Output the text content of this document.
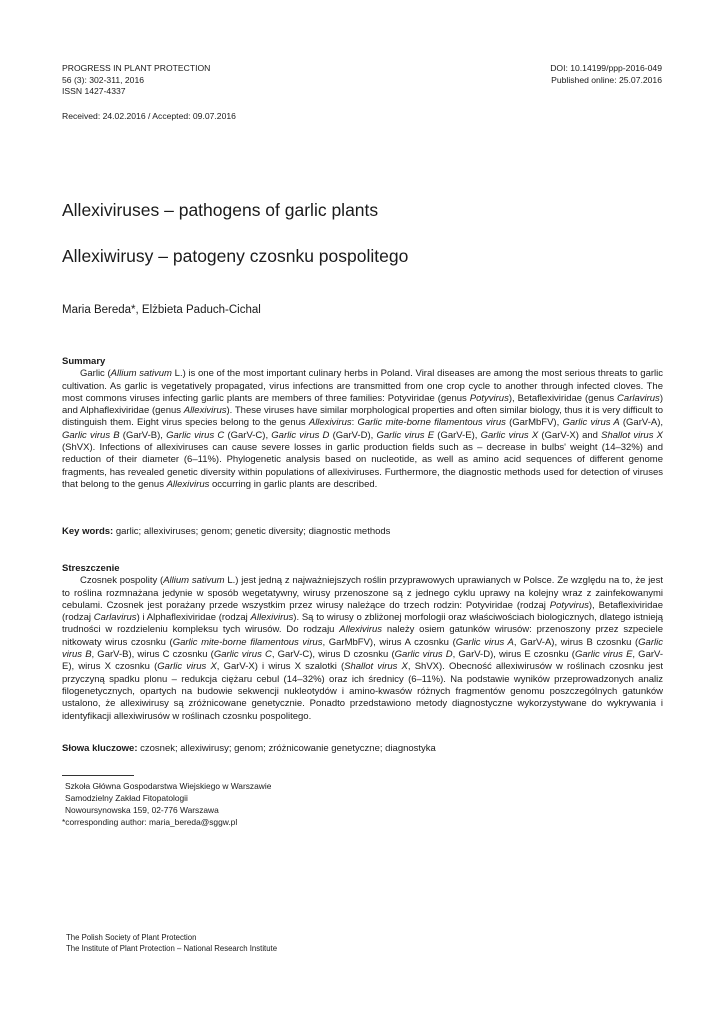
PROGRESS IN PLANT PROTECTION
56 (3): 302-311, 2016
ISSN 1427-4337
DOI: 10.14199/ppp-2016-049
Published online: 25.07.2016
Received: 24.02.2016 / Accepted: 09.07.2016
Allexiviruses – pathogens of garlic plants
Allexiwirusy – patogeny czosnku pospolitego
Maria Bereda*, Elżbieta Paduch-Cichal
Summary

Garlic (Allium sativum L.) is one of the most important culinary herbs in Poland. Viral diseases are among the most serious threats to garlic cultivation. As garlic is vegetatively propagated, virus infections are transmitted from one crop cycle to another through infected cloves. The most commons viruses infecting garlic plants are members of three families: Potyviridae (genus Potyvirus), Betaflexiviridae (genus Carlavirus) and Alphaflexiviridae (genus Allexivirus). These viruses have similar morphological properties and often similar biology, thus it is very difficult to distinguish them. Eight virus species belong to the genus Allexivirus: Garlic mite-borne filamentous virus (GarMbFV), Garlic virus A (GarV-A), Garlic virus B (GarV-B), Garlic virus C (GarV-C), Garlic virus D (GarV-D), Garlic virus E (GarV-E), Garlic virus X (GarV-X) and Shallot virus X (ShVX). Infections of allexiviruses can cause severe losses in garlic production fields such as – decrease in bulbs' weight (14–32%) and reduction of their diameter (6–11%). Phylogenetic analysis based on nucleotide, as well as amino acid sequences of different genome fragments, has revealed genetic diversity within populations of allexiviruses. Furthermore, the diagnostic methods used for detection of viruses that belong to the genus Allexivirus occurring in garlic plants are described.

Key words: garlic; allexiviruses; genom; genetic diversity; diagnostic methods
Streszczenie

Czosnek pospolity (Allium sativum L.) jest jedną z najważniejszych roślin przyprawowych uprawianych w Polsce. Ze względu na to, że jest to roślina rozmnażana jedynie w sposób wegetatywny, wirusy przenoszone są z jednego cyklu uprawy na kolejny wraz z zainfekowanymi cebulami. Czosnek jest porażany przede wszystkim przez wirusy należące do trzech rodzin: Potyviridae (rodzaj Potyvirus), Betaflexiviridae (rodzaj Carlavirus) i Alphaflexiviridae (rodzaj Allexivirus). Są to wirusy o zbliżonej morfologii oraz właściwościach biologicznych, dlatego istnieją trudności w rozdzieleniu kompleksu tych wirusów. Do rodzaju Allexivirus należy osiem gatunków wirusów: przenoszony przez szpeciele nitkowaty wirus czosnku (Garlic mite-borne filamentous virus, GarMbFV), wirus A czosnku (Garlic virus A, GarV-A), wirus B czosnku (Garlic virus B, GarV-B), wirus C czosnku (Garlic virus C, GarV-C), wirus D czosnku (Garlic virus D, GarV-D), wirus E czosnku (Garlic virus E, GarV-E), wirus X czosnku (Garlic virus X, GarV-X) i wirus X szalotki (Shallot virus X, ShVX). Obecność allexiwirusów w roślinach czosnku jest przyczyną spadku plonu – redukcja ciężaru cebul (14–32%) oraz ich średnicy (6–11%). Na podstawie wyników przeprowadzonych analiz filogenetycznych, opartych na budowie sekwencji nukleotydów i amino-kwasów różnych fragmentów genomu poszczególnych gatunków ustalono, że allexiwirusy są zróżnicowane genetycznie. Ponadto przedstawiono metody diagnostyczne wykorzystywane do wykrywania i identyfikacji allexiwirusów w roślinach czosnku pospolitego.

Słowa kluczowe: czosnek; allexiwirusy; genom; zróżnicowanie genetyczne; diagnostyka
Szkoła Główna Gospodarstwa Wiejskiego w Warszawie
Samodzielny Zakład Fitopatologii
Nowoursynowska 159, 02-776 Warszawa
*corresponding author: maria_bereda@sggw.pl
The Polish Society of Plant Protection
The Institute of Plant Protection – National Research Institute
